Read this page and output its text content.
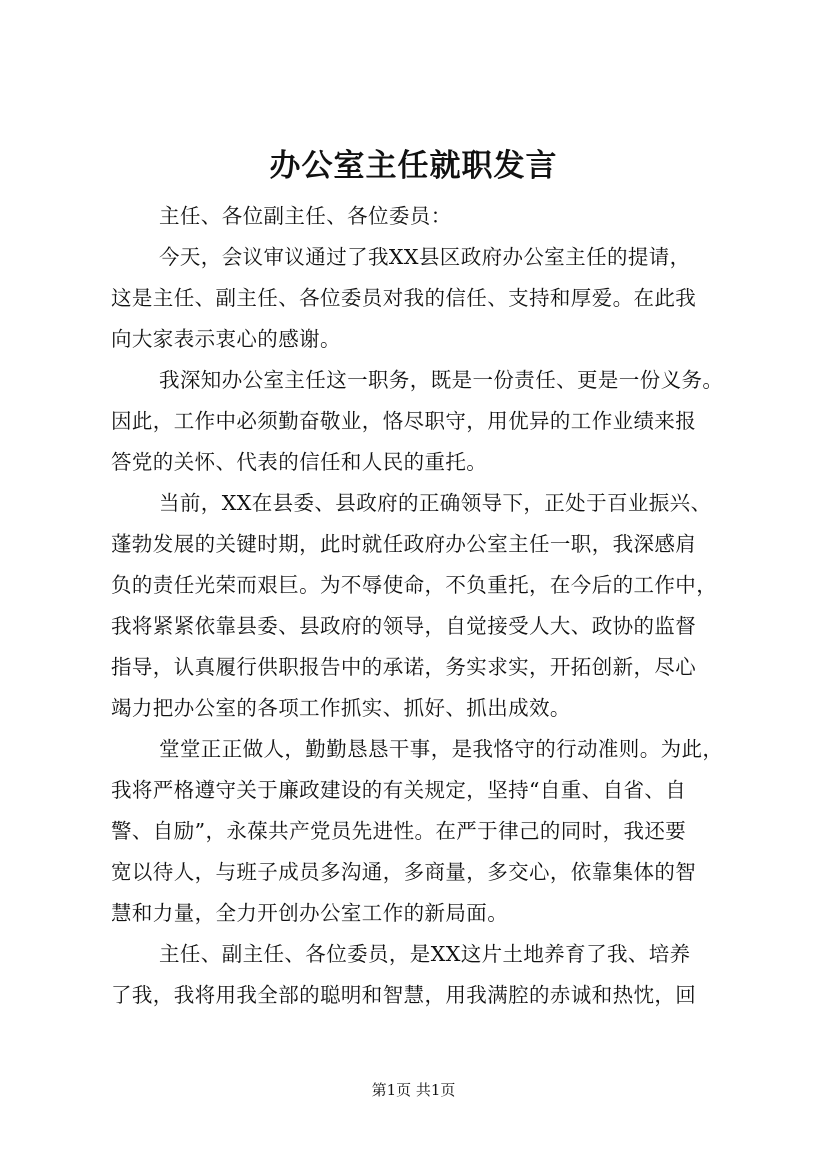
办公室主任就职发言
主任、各位副主任、各位委员：
今天，会议审议通过了我XX县区政府办公室主任的提请，
这是主任、副主任、各位委员对我的信任、支持和厚爱。在此我
向大家表示衷心的感谢。
我深知办公室主任这一职务，既是一份责任、更是一份义务。
因此，工作中必须勤奋敬业，恪尽职守，用优异的工作业绩来报
答党的关怀、代表的信任和人民的重托。
当前，XX在县委、县政府的正确领导下，正处于百业振兴、
蓬勃发展的关键时期，此时就任政府办公室主任一职，我深感肩
负的责任光荣而艰巨。为不辱使命，不负重托，在今后的工作中，
我将紧紧依靠县委、县政府的领导，自觉接受人大、政协的监督
指导，认真履行供职报告中的承诺，务实求实，开拓创新，尽心
竭力把办公室的各项工作抓实、抓好、抓出成效。
堂堂正正做人，勤勤恳恳干事，是我恪守的行动准则。为此，
我将严格遵守关于廉政建设的有关规定，坚持“自重、自省、自
警、自励”，永葆共产党员先进性。在严于律己的同时，我还要
宽以待人，与班子成员多沟通，多商量，多交心，依靠集体的智
慧和力量，全力开创办公室工作的新局面。
主任、副主任、各位委员，是XX这片土地养育了我、培养
了我，我将用我全部的聪明和智慧，用我满腔的赤诚和热忱，回
第1页 共1页
